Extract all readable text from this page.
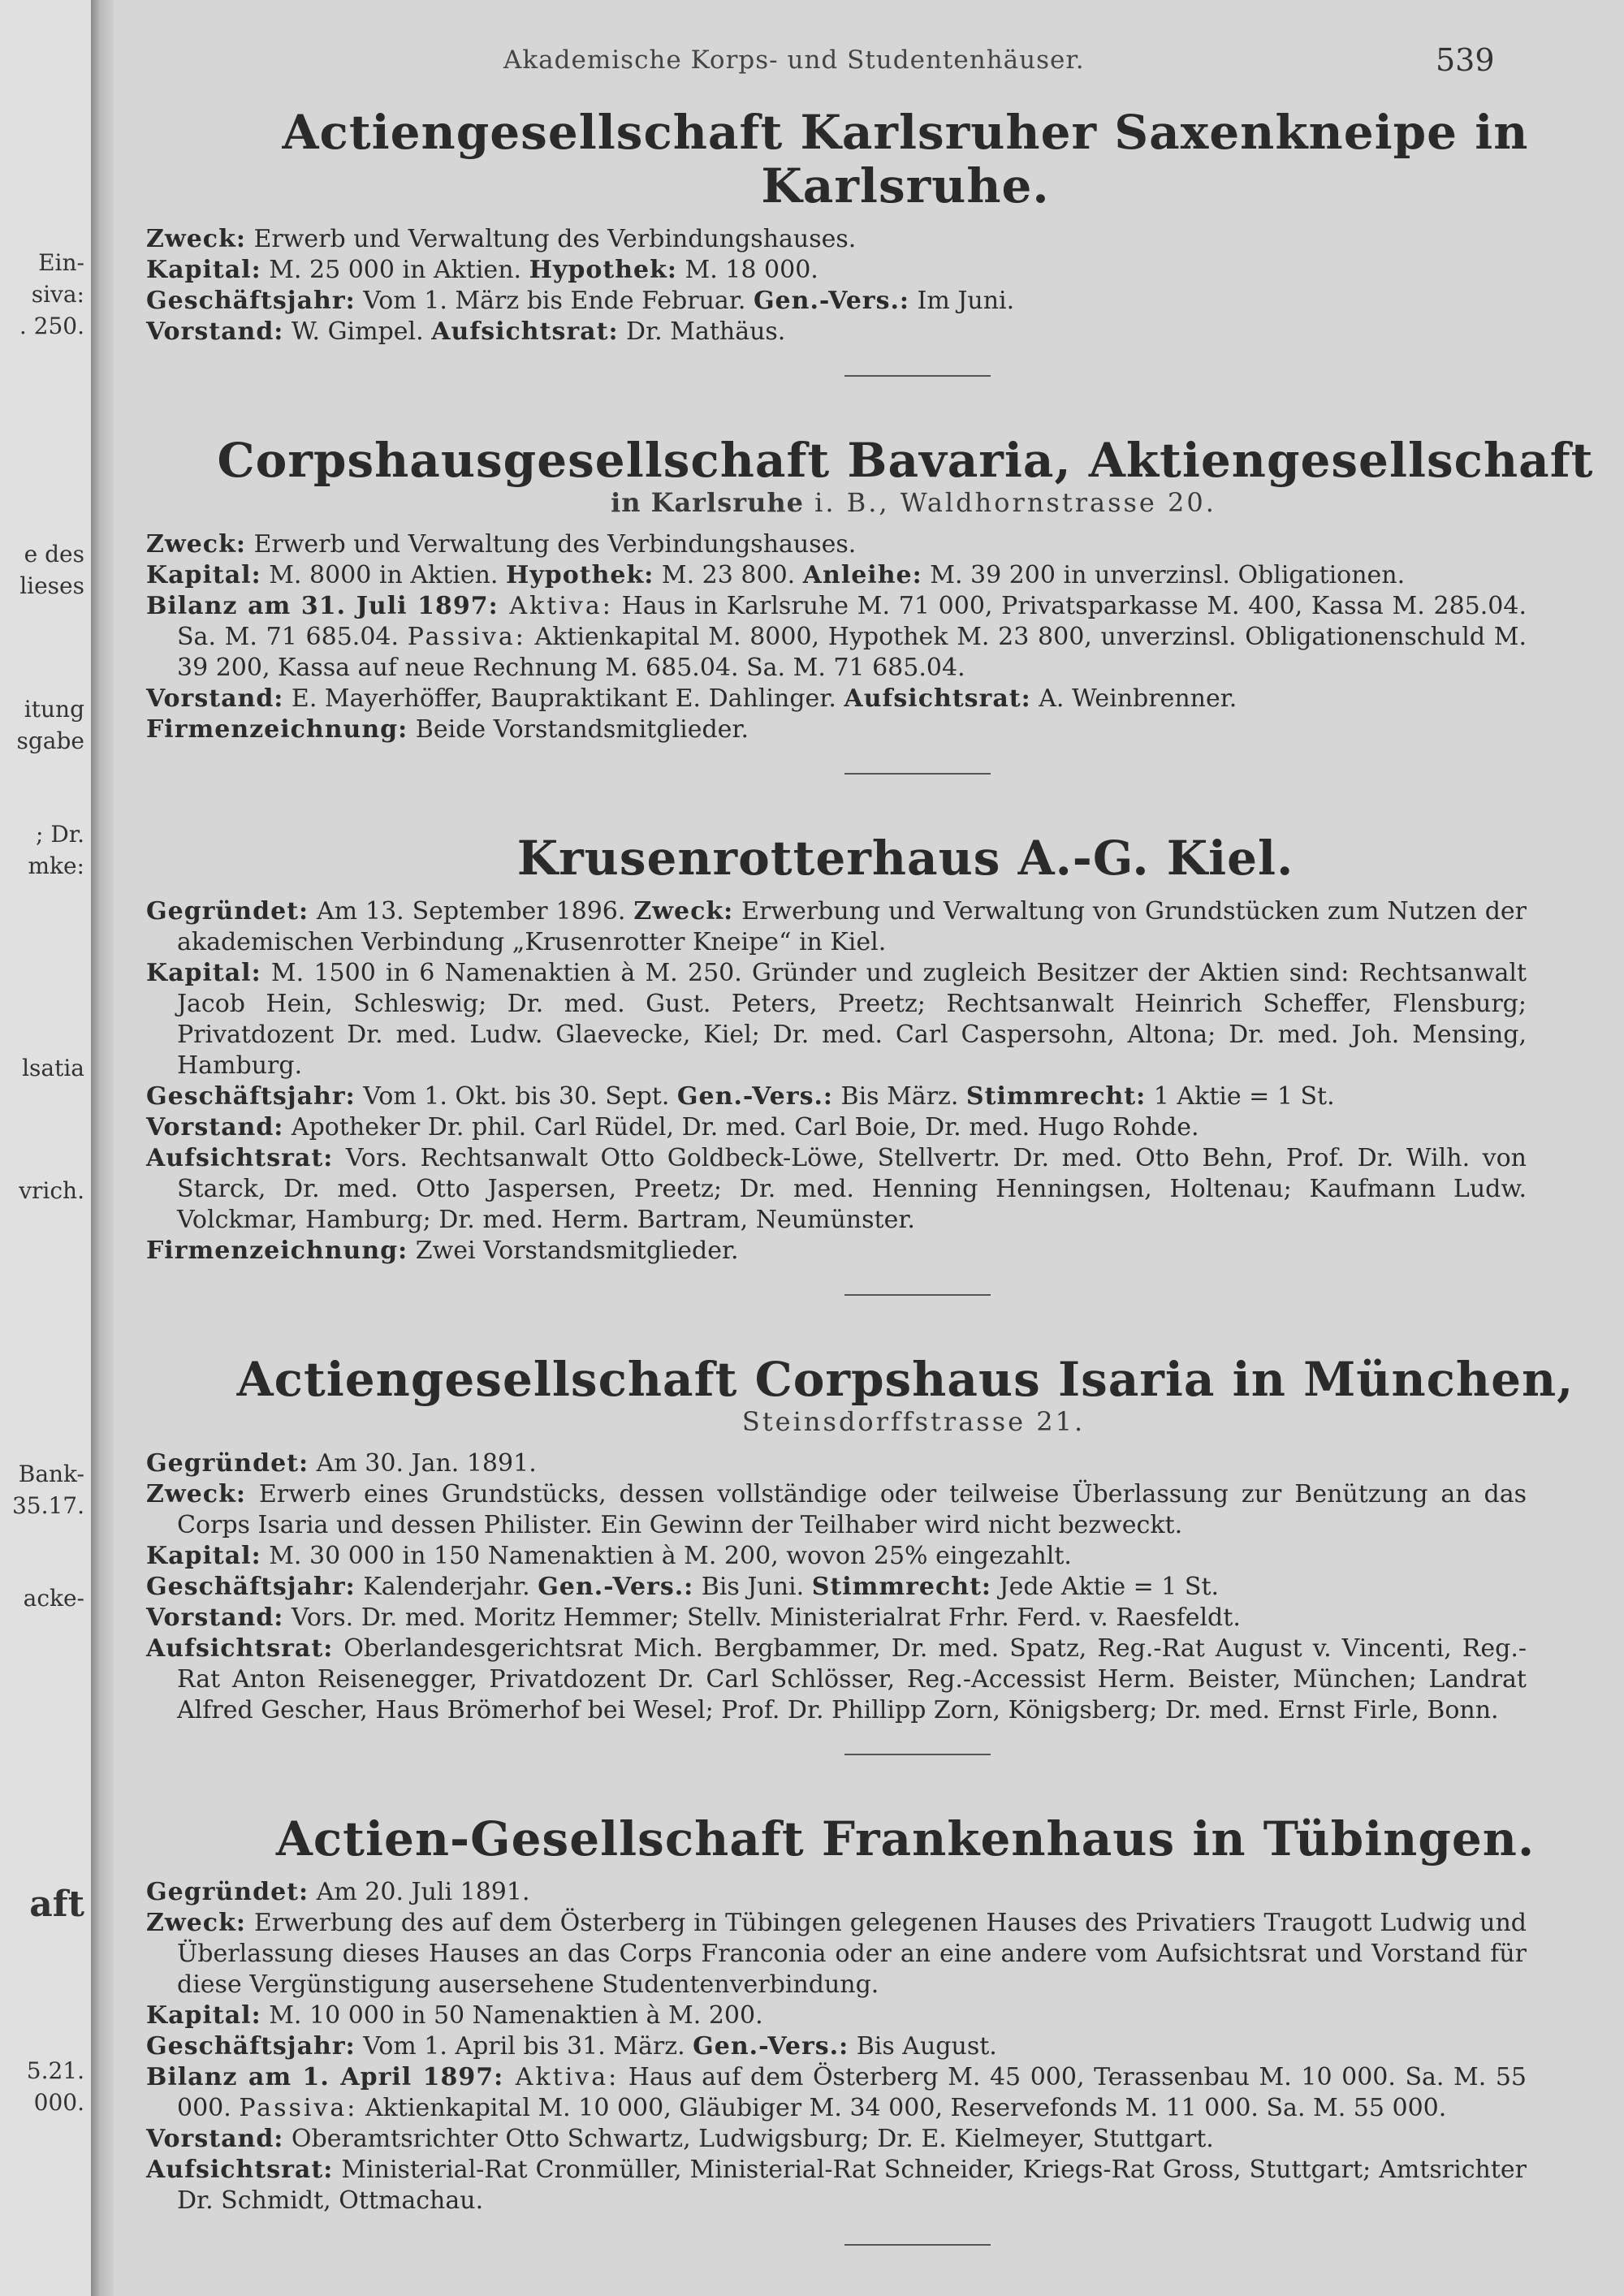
Ein-
siva:
. 250.
e des
lieses
itung
sgabe
; Dr.
mke:
lsatia
vrich.
Bank-
35.17.
acke-
aft
5.21.
000.
Akademische Korps- und Studentenhäuser.	539
Actiengesellschaft Karlsruher Saxenkneipe in Karlsruhe.

Zweck: Erwerb und Verwaltung des Verbindungshauses.

Kapital: M. 25 000 in Aktien. Hypothek: M. 18 000.

Geschäftsjahr: Vom 1. März bis Ende Februar. Gen.-Vers.: Im Juni.

Vorstand: W. Gimpel. Aufsichtsrat: Dr. Mathäus.

Corpshausgesellschaft Bavaria, Aktiengesellschaft
in Karlsruhe i. B., Waldhornstrasse 20.

Zweck: Erwerb und Verwaltung des Verbindungshauses.

Kapital: M. 8000 in Aktien. Hypothek: M. 23 800. Anleihe: M. 39 200 in unverzinsl. Obligationen.

Bilanz am 31. Juli 1897: Aktiva: Haus in Karlsruhe M. 71 000, Privatsparkasse M. 400, Kassa M. 285.04. Sa. M. 71 685.04. Passiva: Aktienkapital M. 8000, Hypothek M. 23 800, unverzinsl. Obligationenschuld M. 39 200, Kassa auf neue Rechnung M. 685.04. Sa. M. 71 685.04.

Vorstand: E. Mayerhöffer, Baupraktikant E. Dahlinger. Aufsichtsrat: A. Weinbrenner.

Firmenzeichnung: Beide Vorstandsmitglieder.

Krusenrotterhaus A.-G. Kiel.

Gegründet: Am 13. September 1896. Zweck: Erwerbung und Verwaltung von Grundstücken zum Nutzen der akademischen Verbindung „Krusenrotter Kneipe“ in Kiel.

Kapital: M. 1500 in 6 Namenaktien à M. 250. Gründer und zugleich Besitzer der Aktien sind: Rechtsanwalt Jacob Hein, Schleswig; Dr. med. Gust. Peters, Preetz; Rechtsanwalt Heinrich Scheffer, Flensburg; Privatdozent Dr. med. Ludw. Glaevecke, Kiel; Dr. med. Carl Caspersohn, Altona; Dr. med. Joh. Mensing, Hamburg.

Geschäftsjahr: Vom 1. Okt. bis 30. Sept. Gen.-Vers.: Bis März. Stimmrecht: 1 Aktie = 1 St.

Vorstand: Apotheker Dr. phil. Carl Rüdel, Dr. med. Carl Boie, Dr. med. Hugo Rohde.

Aufsichtsrat: Vors. Rechtsanwalt Otto Goldbeck-Löwe, Stellvertr. Dr. med. Otto Behn, Prof. Dr. Wilh. von Starck, Dr. med. Otto Jaspersen, Preetz; Dr. med. Henning Henningsen, Holtenau; Kaufmann Ludw. Volckmar, Hamburg; Dr. med. Herm. Bartram, Neumünster.

Firmenzeichnung: Zwei Vorstandsmitglieder.

Actiengesellschaft Corpshaus Isaria in München,
Steinsdorffstrasse 21.

Gegründet: Am 30. Jan. 1891.

Zweck: Erwerb eines Grundstücks, dessen vollständige oder teilweise Überlassung zur Benützung an das Corps Isaria und dessen Philister. Ein Gewinn der Teilhaber wird nicht bezweckt.

Kapital: M. 30 000 in 150 Namenaktien à M. 200, wovon 25% eingezahlt.

Geschäftsjahr: Kalenderjahr. Gen.-Vers.: Bis Juni. Stimmrecht: Jede Aktie = 1 St.

Vorstand: Vors. Dr. med. Moritz Hemmer; Stellv. Ministerialrat Frhr. Ferd. v. Raesfeldt.

Aufsichtsrat: Oberlandesgerichtsrat Mich. Bergbammer, Dr. med. Spatz, Reg.-Rat August v. Vincenti, Reg.-Rat Anton Reisenegger, Privatdozent Dr. Carl Schlösser, Reg.-Accessist Herm. Beister, München; Landrat Alfred Gescher, Haus Brömerhof bei Wesel; Prof. Dr. Phillipp Zorn, Königsberg; Dr. med. Ernst Firle, Bonn.

Actien-Gesellschaft Frankenhaus in Tübingen.

Gegründet: Am 20. Juli 1891.

Zweck: Erwerbung des auf dem Österberg in Tübingen gelegenen Hauses des Privatiers Traugott Ludwig und Überlassung dieses Hauses an das Corps Franconia oder an eine andere vom Aufsichtsrat und Vorstand für diese Vergünstigung ausersehene Studentenverbindung.

Kapital: M. 10 000 in 50 Namenaktien à M. 200.

Geschäftsjahr: Vom 1. April bis 31. März. Gen.-Vers.: Bis August.

Bilanz am 1. April 1897: Aktiva: Haus auf dem Österberg M. 45 000, Terassenbau M. 10 000. Sa. M. 55 000. Passiva: Aktienkapital M. 10 000, Gläubiger M. 34 000, Reservefonds M. 11 000. Sa. M. 55 000.

Vorstand: Oberamtsrichter Otto Schwartz, Ludwigsburg; Dr. E. Kielmeyer, Stuttgart.

Aufsichtsrat: Ministerial-Rat Cronmüller, Ministerial-Rat Schneider, Kriegs-Rat Gross, Stuttgart; Amtsrichter Dr. Schmidt, Ottmachau.
